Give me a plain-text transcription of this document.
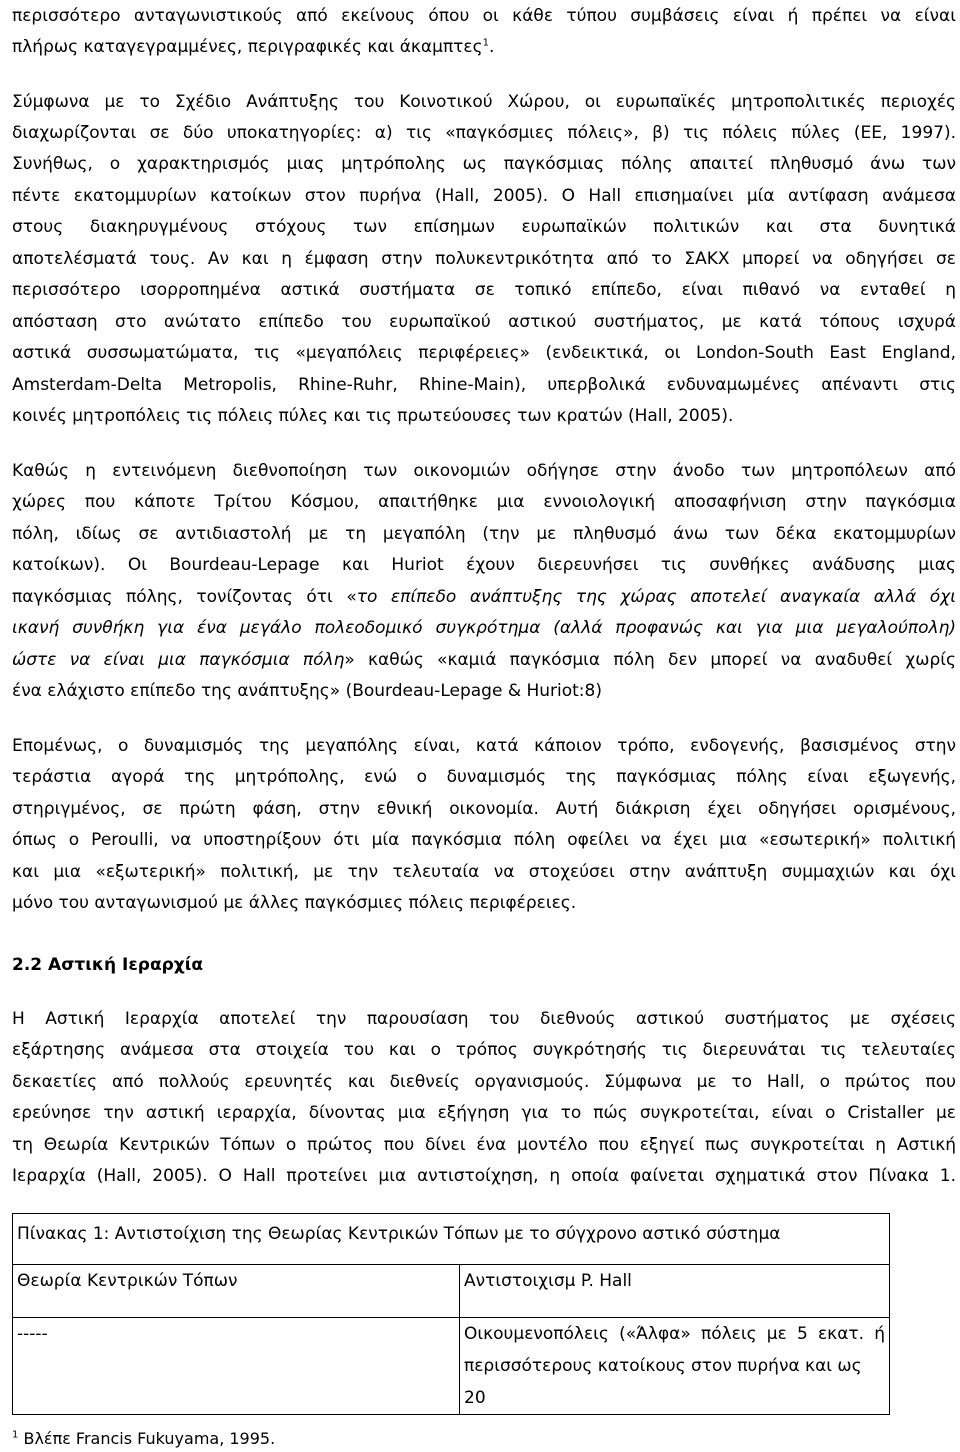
περισσότερο ανταγωνιστικούς από εκείνους όπου οι κάθε τύπου συμβάσεις είναι ή πρέπει να είναι
πλήρως καταγεγραμμένες, περιγραφικές και άκαμπτες$^1$.
Σύμφωνα με το Σχέδιο Ανάπτυξης του Κοινοτικού Χώρου, οι ευρωπαϊκές μητροπολιτικές περιοχές
διαχωρίζονται σε δύο υποκατηγορίες: α) τις «παγκόσμιες πόλεις», β) τις πόλεις πύλες (ΕΕ, 1997).
Συνήθως, ο χαρακτηρισμός μιας μητρόπολης ως παγκόσμιας πόλης απαιτεί πληθυσμό άνω των
πέντε εκατομμυρίων κατοίκων στον πυρήνα (Hall, 2005). Ο Hall επισημαίνει μία αντίφαση ανάμεσα
στους διακηρυγμένους στόχους των επίσημων ευρωπαϊκών πολιτικών και στα δυνητικά
αποτελέσματά τους. Αν και η έμφαση στην πολυκεντρικότητα από το ΣΑΚΧ μπορεί να οδηγήσει σε
περισσότερο ισορροπημένα αστικά συστήματα σε τοπικό επίπεδο, είναι πιθανό να ενταθεί η
απόσταση στο ανώτατο επίπεδο του ευρωπαϊκού αστικού συστήματος, με κατά τόπους ισχυρά
αστικά συσσωματώματα, τις «μεγαπόλεις περιφέρειες» (ενδεικτικά, οι London-South East England,
Amsterdam-Delta Metropolis, Rhine-Ruhr, Rhine-Main), υπερβολικά ενδυναμωμένες απέναντι στις
κοινές μητροπόλεις τις πόλεις πύλες και τις πρωτεύουσες των κρατών (Hall, 2005).
Καθώς η εντεινόμενη διεθνοποίηση των οικονομιών οδήγησε στην άνοδο των μητροπόλεων από
χώρες που κάποτε Τρίτου Κόσμου, απαιτήθηκε μια εννοιολογική αποσαφήνιση στην παγκόσμια
πόλη, ιδίως σε αντιδιαστολή με τη μεγαπόλη (την με πληθυσμό άνω των δέκα εκατομμυρίων
κατοίκων). Οι Bourdeau-Lepage και Huriot έχουν διερευνήσει τις συνθήκες ανάδυσης μιας
παγκόσμιας πόλης, τονίζοντας ότι «το επίπεδο ανάπτυξης της χώρας αποτελεί αναγκαία αλλά όχι
ικανή συνθήκη για ένα μεγάλο πολεοδομικό συγκρότημα (αλλά προφανώς και για μια μεγαλούπολη)
ώστε να είναι μια παγκόσμια πόλη» καθώς «καμιά παγκόσμια πόλη δεν μπορεί να αναδυθεί χωρίς
ένα ελάχιστο επίπεδο της ανάπτυξης» (Bourdeau-Lepage & Huriot:8)
Επομένως, ο δυναμισμός της μεγαπόλης είναι, κατά κάποιον τρόπο, ενδογενής, βασισμένος στην
τεράστια αγορά της μητρόπολης, ενώ ο δυναμισμός της παγκόσμιας πόλης είναι εξωγενής,
στηριγμένος, σε πρώτη φάση, στην εθνική οικονομία. Αυτή διάκριση έχει οδηγήσει ορισμένους,
όπως ο Peroulli, να υποστηρίξουν ότι μία παγκόσμια πόλη οφείλει να έχει μια «εσωτερική» πολιτική
και μια «εξωτερική» πολιτική, με την τελευταία να στοχεύσει στην ανάπτυξη συμμαχιών και όχι
μόνο του ανταγωνισμού με άλλες παγκόσμιες πόλεις περιφέρειες.
2.2 Αστική Ιεραρχία
Η Αστική Ιεραρχία αποτελεί την παρουσίαση του διεθνούς αστικού συστήματος με σχέσεις
εξάρτησης ανάμεσα στα στοιχεία του και ο τρόπος συγκρότησής τις διερευνάται τις τελευταίες
δεκαετίες από πολλούς ερευνητές και διεθνείς οργανισμούς. Σύμφωνα με το Hall, ο πρώτος που
ερεύνησε την αστική ιεραρχία, δίνοντας μια εξήγηση για το πώς συγκροτείται, είναι ο Cristaller με
τη Θεωρία Κεντρικών Τόπων ο πρώτος που δίνει ένα μοντέλο που εξηγεί πως συγκροτείται η Αστική
Ιεραρχία (Hall, 2005). Ο Hall προτείνει μια αντιστοίχηση, η οποία φαίνεται σχηματικά στον Πίνακα 1.
Πίνακας 1: Αντιστοίχιση της Θεωρίας Κεντρικών Τόπων με το σύγχρονο αστικό σύστημα	
Θεωρία Κεντρικών Τόπων	Αντιστοιχισμ P. Hall
-----	Οικουμενοπόλεις («Άλφα» πόλεις με 5 εκατ. ή
περισσότερους κατοίκους στον πυρήνα και ως 20
$^1$ Βλέπε Francis Fukuyama, 1995.
